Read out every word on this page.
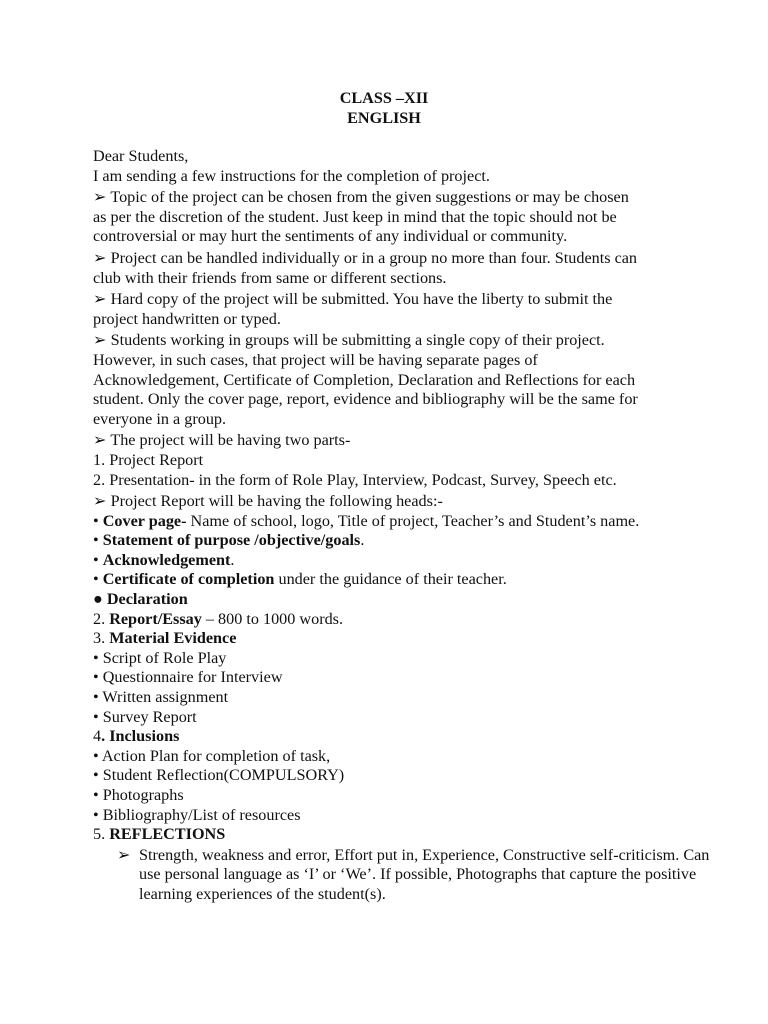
CLASS –XII
ENGLISH

Dear Students,

I am sending a few instructions for the completion of project.

➢ Topic of the project can be chosen from the given suggestions or may be chosen

as per the discretion of the student. Just keep in mind that the topic should not be

controversial or may hurt the sentiments of any individual or community.

➢ Project can be handled individually or in a group no more than four. Students can

club with their friends from same or different sections.

➢ Hard copy of the project will be submitted. You have the liberty to submit the

project handwritten or typed.

➢ Students working in groups will be submitting a single copy of their project.

However, in such cases, that project will be having separate pages of

Acknowledgement, Certificate of Completion, Declaration and Reflections for each

student. Only the cover page, report, evidence and bibliography will be the same for

everyone in a group.

➢ The project will be having two parts-

1. Project Report

2. Presentation- in the form of Role Play, Interview, Podcast, Survey, Speech etc.

➢ Project Report will be having the following heads:-

• Cover page- Name of school, logo, Title of project, Teacher’s and Student’s name.

• Statement of purpose /objective/goals.

• Acknowledgement.

• Certificate of completion under the guidance of their teacher.

● Declaration

2. Report/Essay – 800 to 1000 words.

3. Material Evidence

• Script of Role Play

• Questionnaire for Interview

• Written assignment

• Survey Report

4. Inclusions

• Action Plan for completion of task,

• Student Reflection(COMPULSORY)

• Photographs

• Bibliography/List of resources

5. REFLECTIONS

➢ Strength, weakness and error, Effort put in, Experience, Constructive self-criticism. Can use personal language as ‘I’ or ‘We’. If possible, Photographs that capture the positive learning experiences of the student(s).
